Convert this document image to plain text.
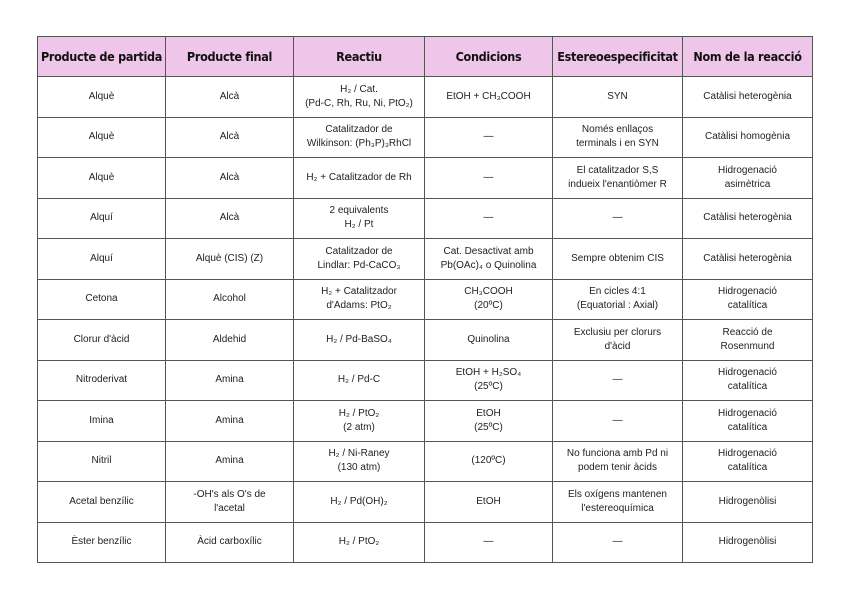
Producte de partida	Producte final	Reactiu	Condicions	Estereoespecificitat	Nom de la reacció

Alquè	Alcà	H₂ / Cat.
(Pd-C, Rh, Ru, Ni, PtO₂)	EtOH + CH₃COOH	SYN	Catàlisi heterogènia

Alquè	Alcà	Catalitzador de
Wilkinson: (Ph₃P)₃RhCl	—	Només enllaços
terminals i en SYN	Catàlisi homogènia

Alquè	Alcà	H₂ + Catalitzador de Rh	—	El catalitzador S,S
indueix l'enantiòmer R	Hidrogenació
asimètrica

Alquí	Alcà	2 equivalents
H₂ / Pt	—	—	Catàlisi heterogènia

Alquí	Alquè (CIS) (Z)	Catalitzador de
Lindlar: Pd-CaCO₃	Cat. Desactivat amb
Pb(OAc)₄ o Quinolina	Sempre obtenim CIS	Catàlisi heterogènia

Cetona	Alcohol	H₂ + Catalitzador
d'Adams: PtO₂	CH₃COOH
(20ºC)	En cicles 4:1
(Equatorial : Axial)	Hidrogenació
catalítica

Clorur d'àcid	Aldehid	H₂ / Pd-BaSO₄	Quinolina	Exclusiu per clorurs
d'àcid	Reacció de
Rosenmund

Nitroderivat	Amina	H₂ / Pd-C	EtOH + H₂SO₄
(25ºC)	—	Hidrogenació
catalítica

Imina	Amina	H₂ / PtO₂
(2 atm)	EtOH
(25ºC)	—	Hidrogenació
catalítica

Nitril	Amina	H₂ / Ni-Raney
(130 atm)	(120ºC)	No funciona amb Pd ni
podem tenir àcids	Hidrogenació
catalítica

Acetal benzílic	-OH's als O's de
l'acetal	H₂ / Pd(OH)₂	EtOH	Els oxígens mantenen
l'estereoquímica	Hidrogenòlisi

Èster benzílic	Àcid carboxílic	H₂ / PtO₂	—	—	Hidrogenòlisi
